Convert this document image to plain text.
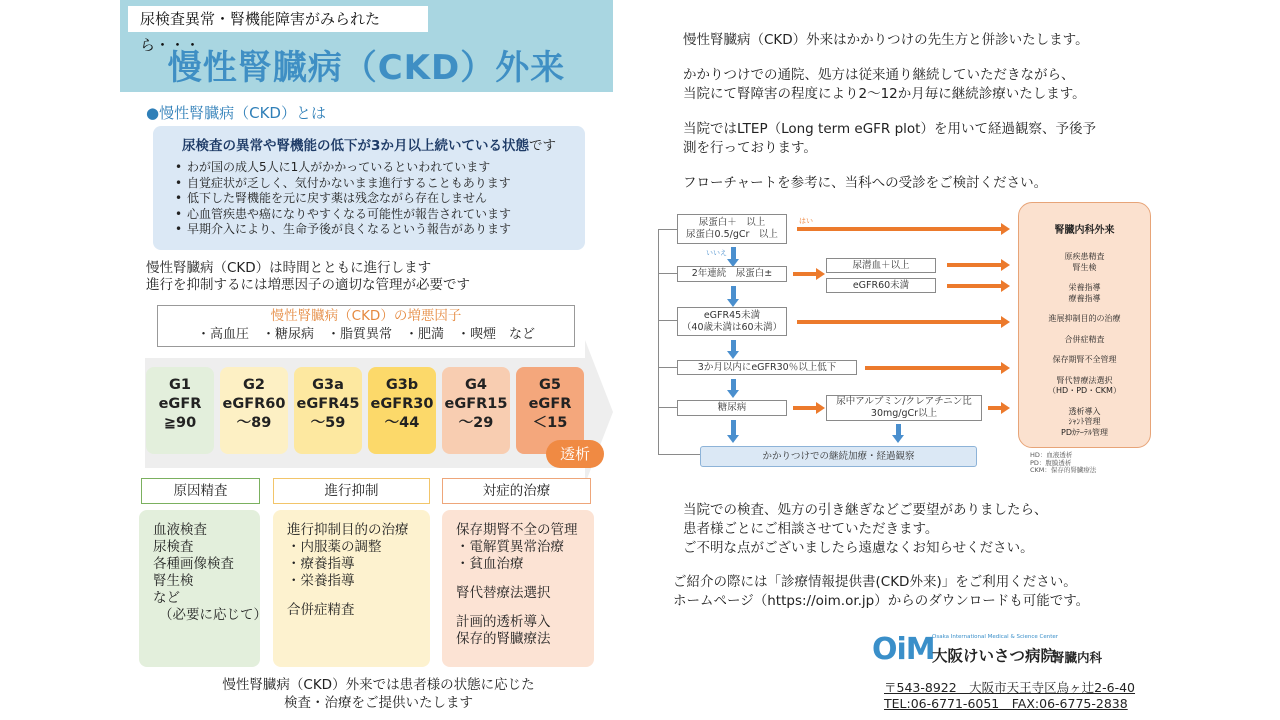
尿検査異常・腎機能障害がみられたら・・・
慢性腎臓病（CKD）外来
●慢性腎臓病（CKD）とは
尿検査の異常や腎機能の低下が3か月以上続いている状態です
• わが国の成人5人に1人がかかっているといわれています
• 自覚症状が乏しく、気付かないまま進行することもあります
• 低下した腎機能を元に戻す薬は残念ながら存在しません
• 心血管疾患や癌になりやすくなる可能性が報告されています
• 早期介入により、生命予後が良くなるという報告があります
慢性腎臓病（CKD）は時間とともに進行します
進行を抑制するには増悪因子の適切な管理が必要です
慢性腎臓病（CKD）の増悪因子
・高血圧　・糖尿病　・脂質異常　・肥満　・喫煙　など
G1
eGFR
≧90
G2
eGFR60
～89
G3a
eGFR45
～59
G3b
eGFR30
～44
G4
eGFR15
～29
G5
eGFR
＜15
透析
原因精査	進行抑制	対症的治療
血液検査
尿検査
各種画像検査
腎生検
など
（必要に応じて）
進行抑制目的の治療
・内服薬の調整
・療養指導
・栄養指導
合併症精査
保存期腎不全の管理
・電解質異常治療
・貧血治療
腎代替療法選択
計画的透析導入
保存的腎臓療法
慢性腎臓病（CKD）外来では患者様の状態に応じた
検査・治療をご提供いたします
慢性腎臓病（CKD）外来はかかりつけの先生方と併診いたします。
かかりつけでの通院、処方は従来通り継続していただきながら、
当院にて腎障害の程度により2～12か月毎に継続診療いたします。
当院ではLTEP（Long term eGFR plot）を用いて経過観察、予後予
測を行っております。
フローチャートを参考に、当科への受診をご検討ください。
尿蛋白＋　以上
尿蛋白0.5/gCr　以上
はい
いいえ
2年連続　尿蛋白±
尿潜血＋以上
eGFR60未満
eGFR45未満
（40歳未満は60未満）
3か月以内にeGFR30％以上低下
糖尿病
尿中アルブミン/クレアチニン比
30mg/gCr以上
かかりつけでの継続加療・経過観察
腎臓内科外来
原疾患精査
腎生検
栄養指導
療養指導
進展抑制目的の治療
合併症精査
保存期腎不全管理
腎代替療法選択
（HD・PD・CKM）
透析導入
ｼｬﾝﾄ管理
PDｶﾃｰﾃﾙ管理
HD：血液透析
PD：腹膜透析
CKM：保存的腎臓療法
当院での検査、処方の引き継ぎなどご要望がありましたら、
患者様ごとにご相談させていただきます。
ご不明な点がございましたら遠慮なくお知らせください。
ご紹介の際には「診療情報提供書(CKD外来)」をご利用ください。
ホームページ（https://oim.or.jp）からのダウンロードも可能です。
OiM
Osaka International Medical & Science Center
大阪けいさつ病院
腎臓内科
〒543-8922　大阪市天王寺区烏ヶ辻2-6-40
TEL:06-6771-6051　FAX:06-6775-2838
